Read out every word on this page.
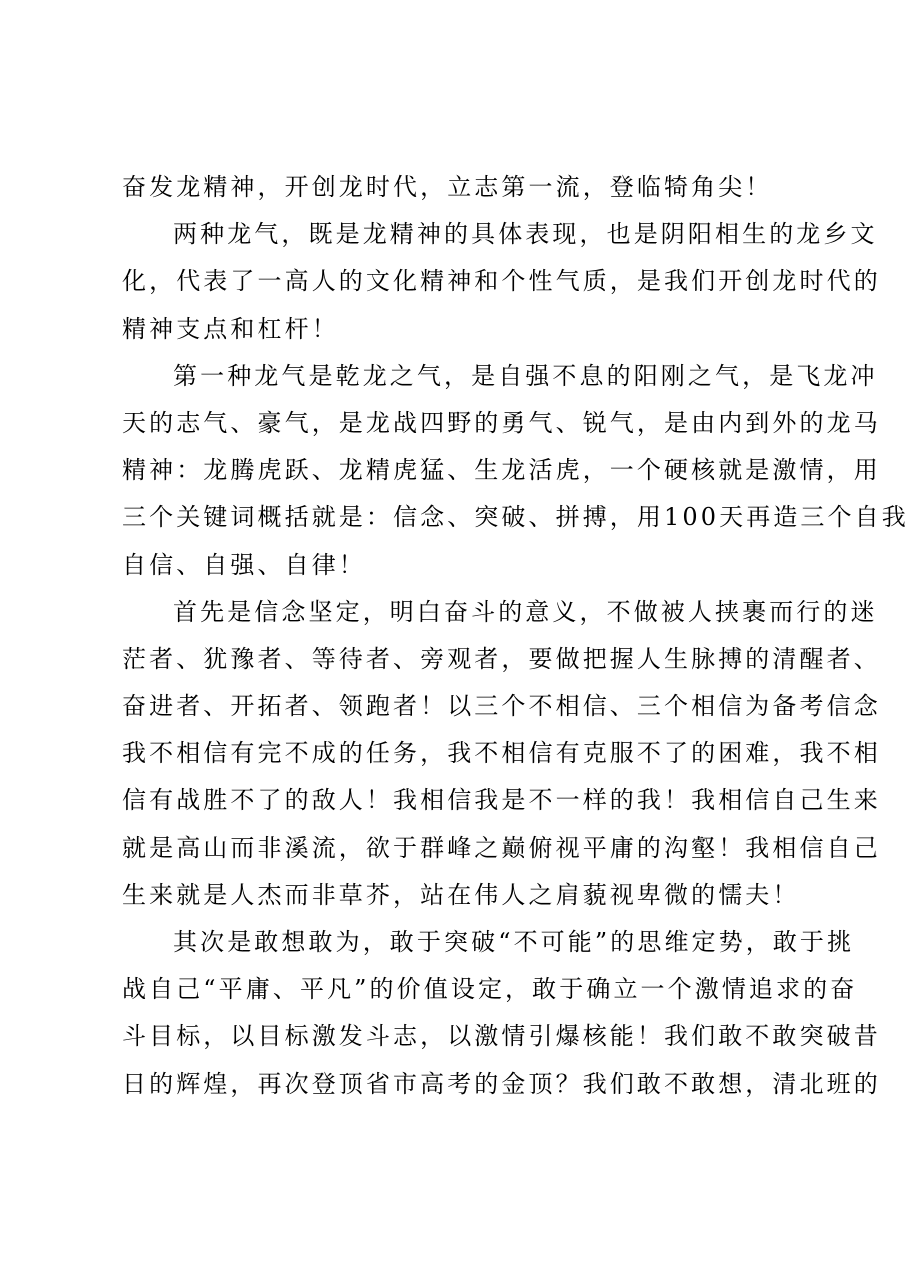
奋发龙精神，开创龙时代，立志第一流，登临犄角尖！
两种龙气，既是龙精神的具体表现，也是阴阳相生的龙乡文
化，代表了一高人的文化精神和个性气质，是我们开创龙时代的
精神支点和杠杆！
第一种龙气是乾龙之气，是自强不息的阳刚之气，是飞龙冲
天的志气、豪气，是龙战四野的勇气、锐气，是由内到外的龙马
精神：龙腾虎跃、龙精虎猛、生龙活虎，一个硬核就是激情，用
三个关键词概括就是：信念、突破、拼搏，用100天再造三个自我
自信、自强、自律！
首先是信念坚定，明白奋斗的意义，不做被人挟裹而行的迷
茫者、犹豫者、等待者、旁观者，要做把握人生脉搏的清醒者、
奋进者、开拓者、领跑者！以三个不相信、三个相信为备考信念
我不相信有完不成的任务，我不相信有克服不了的困难，我不相
信有战胜不了的敌人！我相信我是不一样的我！我相信自己生来
就是高山而非溪流，欲于群峰之巅俯视平庸的沟壑！我相信自己
生来就是人杰而非草芥，站在伟人之肩藐视卑微的懦夫！
其次是敢想敢为，敢于突破“不可能”的思维定势，敢于挑
战自己“平庸、平凡”的价值设定，敢于确立一个激情追求的奋
斗目标，以目标激发斗志，以激情引爆核能！我们敢不敢突破昔
日的辉煌，再次登顶省市高考的金顶？我们敢不敢想，清北班的
